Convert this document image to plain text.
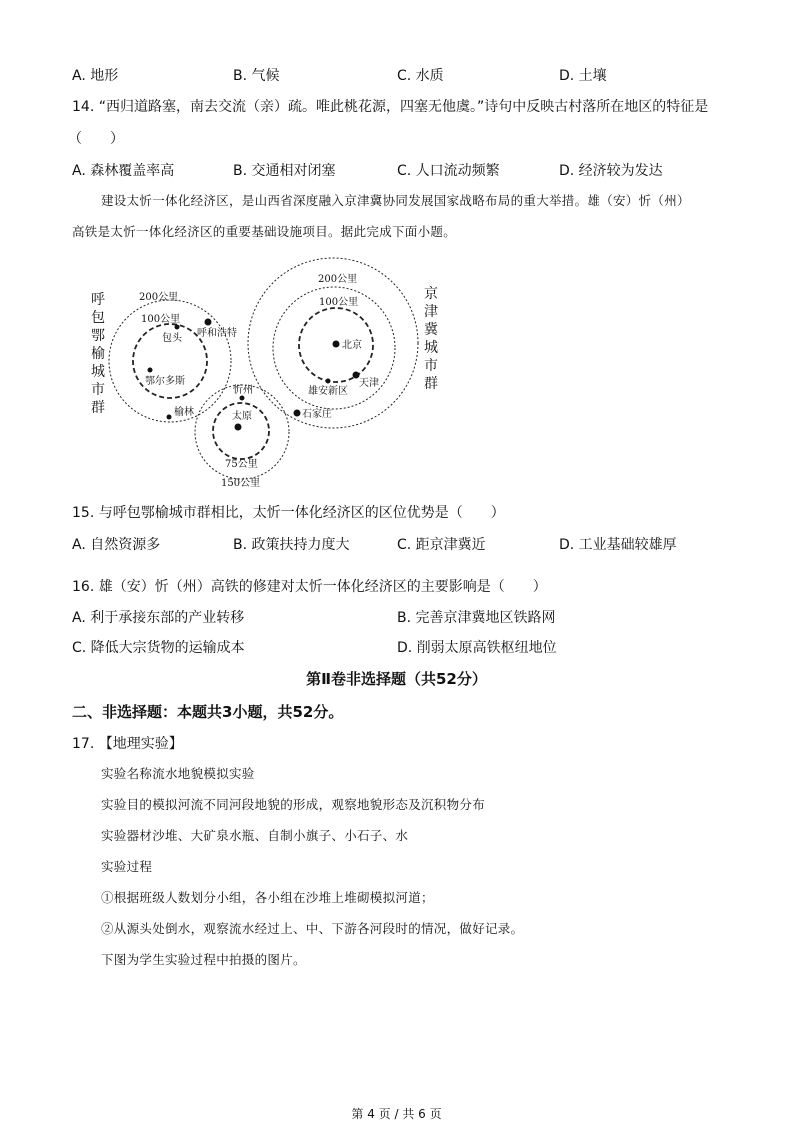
A. 地形	B. 气候	C. 水质	D. 土壤
14. “西归道路塞，南去交流（亲）疏。唯此桃花源，四塞无他虞。”诗句中反映古村落所在地区的特征是
（　　）
A. 森林覆盖率高	B. 交通相对闭塞	C. 人口流动频繁	D. 经济较为发达
建设太忻一体化经济区，是山西省深度融入京津冀协同发展国家战略布局的重大举措。雄（安）忻（州）
高铁是太忻一体化经济区的重要基础设施项目。据此完成下面小题。
呼包鄂榆城市群
京津冀城市群
200公里
100公里
200公里
100公里
75公里
150公里
包头 呼和浩特
鄂尔多斯
榆林
忻州
太原
北京
天津
雄安新区
石家庄
15. 与呼包鄂榆城市群相比，太忻一体化经济区的区位优势是（　　）
A. 自然资源多	B. 政策扶持力度大	C. 距京津冀近	D. 工业基础较雄厚
16. 雄（安）忻（州）高铁的修建对太忻一体化经济区的主要影响是（　　）
A. 利于承接东部的产业转移	B. 完善京津冀地区铁路网
C. 降低大宗货物的运输成本	D. 削弱太原高铁枢纽地位
第Ⅱ卷非选择题（共52分）
二、非选择题：本题共3小题，共52分。
17. 【地理实验】
实验名称流水地貌模拟实验
实验目的模拟河流不同河段地貌的形成，观察地貌形态及沉积物分布
实验器材沙堆、大矿泉水瓶、自制小旗子、小石子、水
实验过程
①根据班级人数划分小组，各小组在沙堆上堆砌模拟河道；
②从源头处倒水，观察流水经过上、中、下游各河段时的情况，做好记录。
下图为学生实验过程中拍摄的图片。
第 4 页 / 共 6 页
